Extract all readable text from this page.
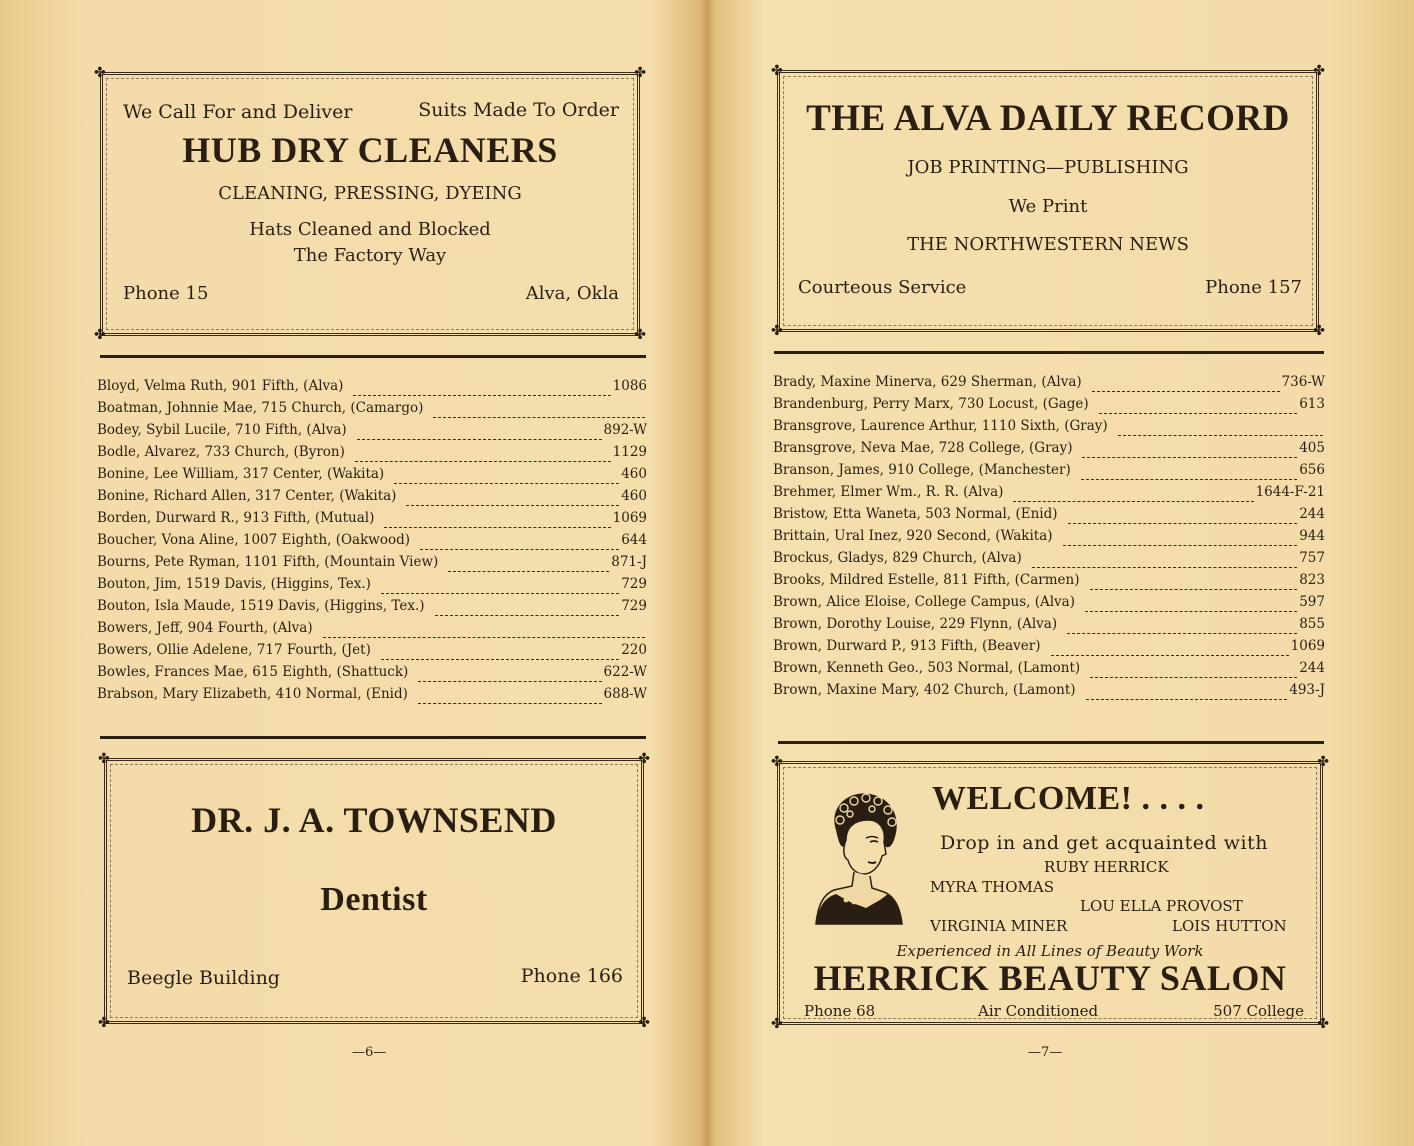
✤	✤
✤	✤
We Call For and Deliver	Suits Made To Order
HUB DRY CLEANERS
CLEANING, PRESSING, DYEING
Hats Cleaned and Blocked
The Factory Way
Phone 15	Alva, Okla
Bloyd, Velma Ruth, 901 Fifth, (Alva)	1086
Boatman, Johnnie Mae, 715 Church, (Camargo)
Bodey, Sybil Lucile, 710 Fifth, (Alva)	892-W
Bodle, Alvarez, 733 Church, (Byron)	1129
Bonine, Lee William, 317 Center, (Wakita)	460
Bonine, Richard Allen, 317 Center, (Wakita)	460
Borden, Durward R., 913 Fifth, (Mutual)	1069
Boucher, Vona Aline, 1007 Eighth, (Oakwood)	644
Bourns, Pete Ryman, 1101 Fifth, (Mountain View)	871-J
Bouton, Jim, 1519 Davis, (Higgins, Tex.)	729
Bouton, Isla Maude, 1519 Davis, (Higgins, Tex.)	729
Bowers, Jeff, 904 Fourth, (Alva)
Bowers, Ollie Adelene, 717 Fourth, (Jet)	220
Bowles, Frances Mae, 615 Eighth, (Shattuck)	622-W
Brabson, Mary Elizabeth, 410 Normal, (Enid)	688-W
✤	✤
✤	✤
DR. J. A. TOWNSEND
Dentist
Beegle Building	Phone 166
—6—
✤	✤
✤	✤
THE ALVA DAILY RECORD
JOB PRINTING—PUBLISHING
We Print
THE NORTHWESTERN NEWS
Courteous Service	Phone 157
Brady, Maxine Minerva, 629 Sherman, (Alva)	736-W
Brandenburg, Perry Marx, 730 Locust, (Gage)	613
Bransgrove, Laurence Arthur, 1110 Sixth, (Gray)
Bransgrove, Neva Mae, 728 College, (Gray)	405
Branson, James, 910 College, (Manchester)	656
Brehmer, Elmer Wm., R. R. (Alva)	1644-F-21
Bristow, Etta Waneta, 503 Normal, (Enid)	244
Brittain, Ural Inez, 920 Second, (Wakita)	944
Brockus, Gladys, 829 Church, (Alva)	757
Brooks, Mildred Estelle, 811 Fifth, (Carmen)	823
Brown, Alice Eloise, College Campus, (Alva)	597
Brown, Dorothy Louise, 229 Flynn, (Alva)	855
Brown, Durward P., 913 Fifth, (Beaver)	1069
Brown, Kenneth Geo., 503 Normal, (Lamont)	244
Brown, Maxine Mary, 402 Church, (Lamont)	493-J
✤	✤
✤	✤
WELCOME! . . . .
Drop in and get acquainted with
RUBY HERRICK
MYRA THOMAS
LOU ELLA PROVOST
VIRGINIA MINER	LOIS HUTTON
Experienced in All Lines of Beauty Work
HERRICK BEAUTY SALON
Phone 68	Air Conditioned	507 College
—7—
